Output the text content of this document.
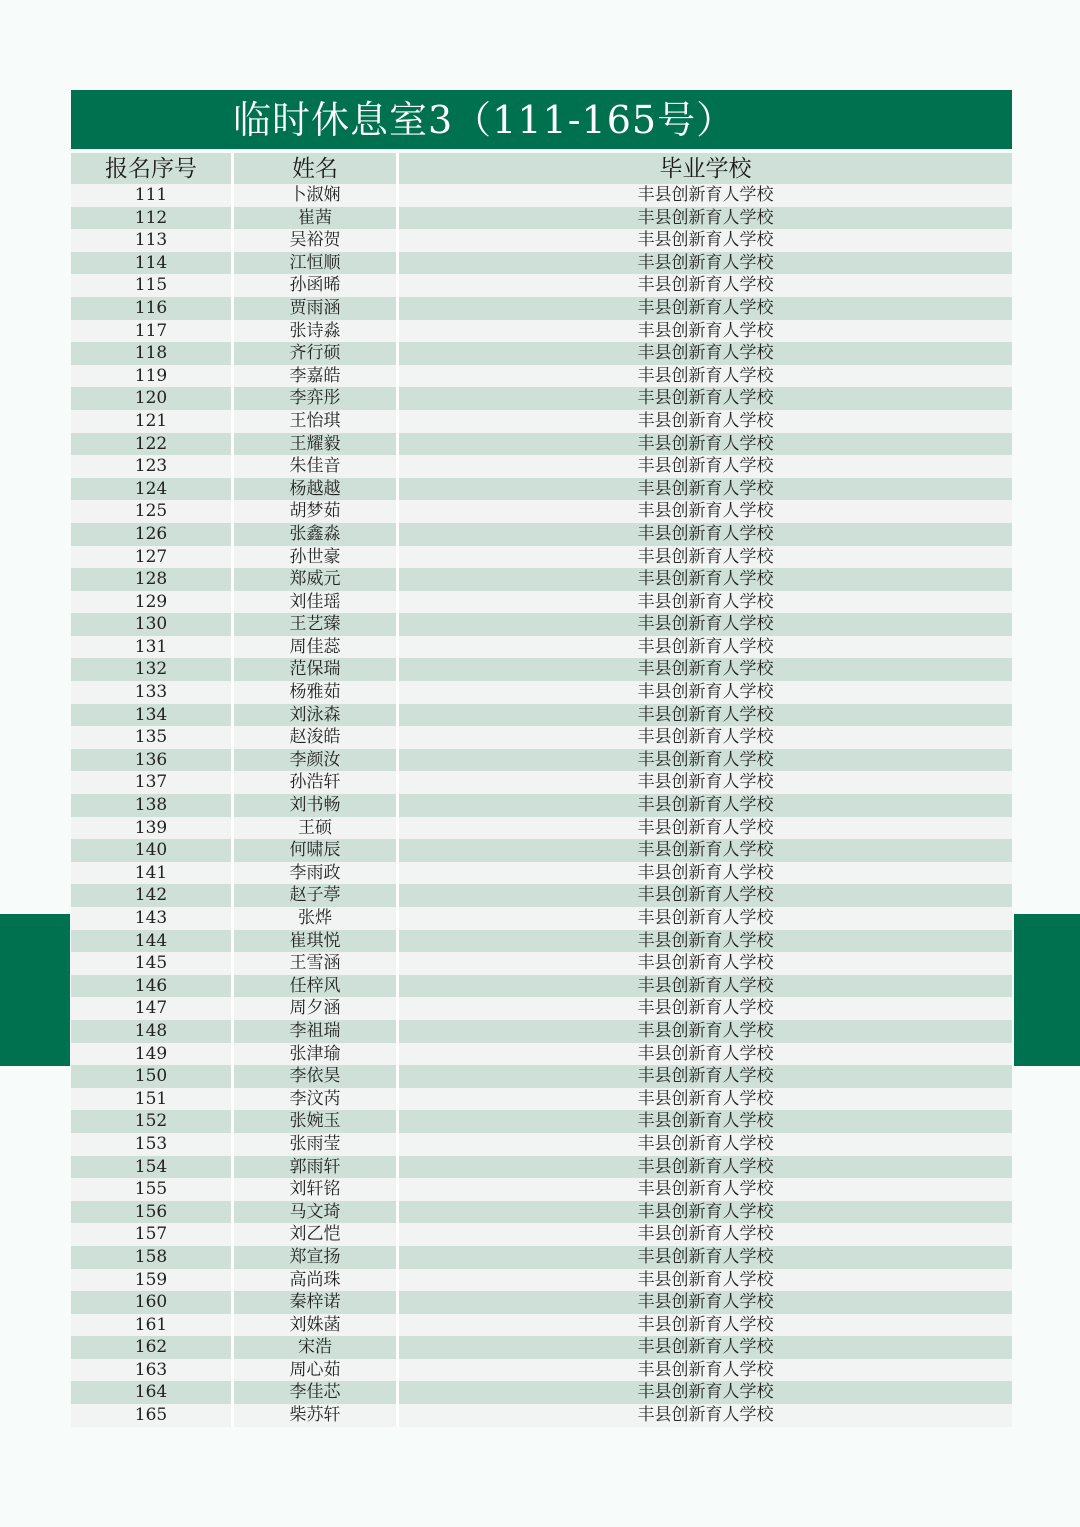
临时休息室3（111-165号）
报名序号	姓名	毕业学校
111	卜淑娴	丰县创新育人学校
112	崔茜	丰县创新育人学校
113	吴裕贺	丰县创新育人学校
114	江恒顺	丰县创新育人学校
115	孙函晞	丰县创新育人学校
116	贾雨涵	丰县创新育人学校
117	张诗淼	丰县创新育人学校
118	齐行硕	丰县创新育人学校
119	李嘉皓	丰县创新育人学校
120	李弈彤	丰县创新育人学校
121	王怡琪	丰县创新育人学校
122	王耀毅	丰县创新育人学校
123	朱佳音	丰县创新育人学校
124	杨越越	丰县创新育人学校
125	胡梦茹	丰县创新育人学校
126	张鑫淼	丰县创新育人学校
127	孙世豪	丰县创新育人学校
128	郑威元	丰县创新育人学校
129	刘佳瑶	丰县创新育人学校
130	王艺臻	丰县创新育人学校
131	周佳蕊	丰县创新育人学校
132	范保瑞	丰县创新育人学校
133	杨雅茹	丰县创新育人学校
134	刘泳森	丰县创新育人学校
135	赵浚皓	丰县创新育人学校
136	李颜汝	丰县创新育人学校
137	孙浩轩	丰县创新育人学校
138	刘书畅	丰县创新育人学校
139	王硕	丰县创新育人学校
140	何啸辰	丰县创新育人学校
141	李雨政	丰县创新育人学校
142	赵子葶	丰县创新育人学校
143	张烨	丰县创新育人学校
144	崔琪悦	丰县创新育人学校
145	王雪涵	丰县创新育人学校
146	任梓风	丰县创新育人学校
147	周夕涵	丰县创新育人学校
148	李祖瑞	丰县创新育人学校
149	张津瑜	丰县创新育人学校
150	李依昊	丰县创新育人学校
151	李汶芮	丰县创新育人学校
152	张婉玉	丰县创新育人学校
153	张雨莹	丰县创新育人学校
154	郭雨轩	丰县创新育人学校
155	刘轩铭	丰县创新育人学校
156	马文琦	丰县创新育人学校
157	刘乙恺	丰县创新育人学校
158	郑宣扬	丰县创新育人学校
159	高尚珠	丰县创新育人学校
160	秦梓诺	丰县创新育人学校
161	刘姝菡	丰县创新育人学校
162	宋浩	丰县创新育人学校
163	周心茹	丰县创新育人学校
164	李佳芯	丰县创新育人学校
165	柴苏轩	丰县创新育人学校
